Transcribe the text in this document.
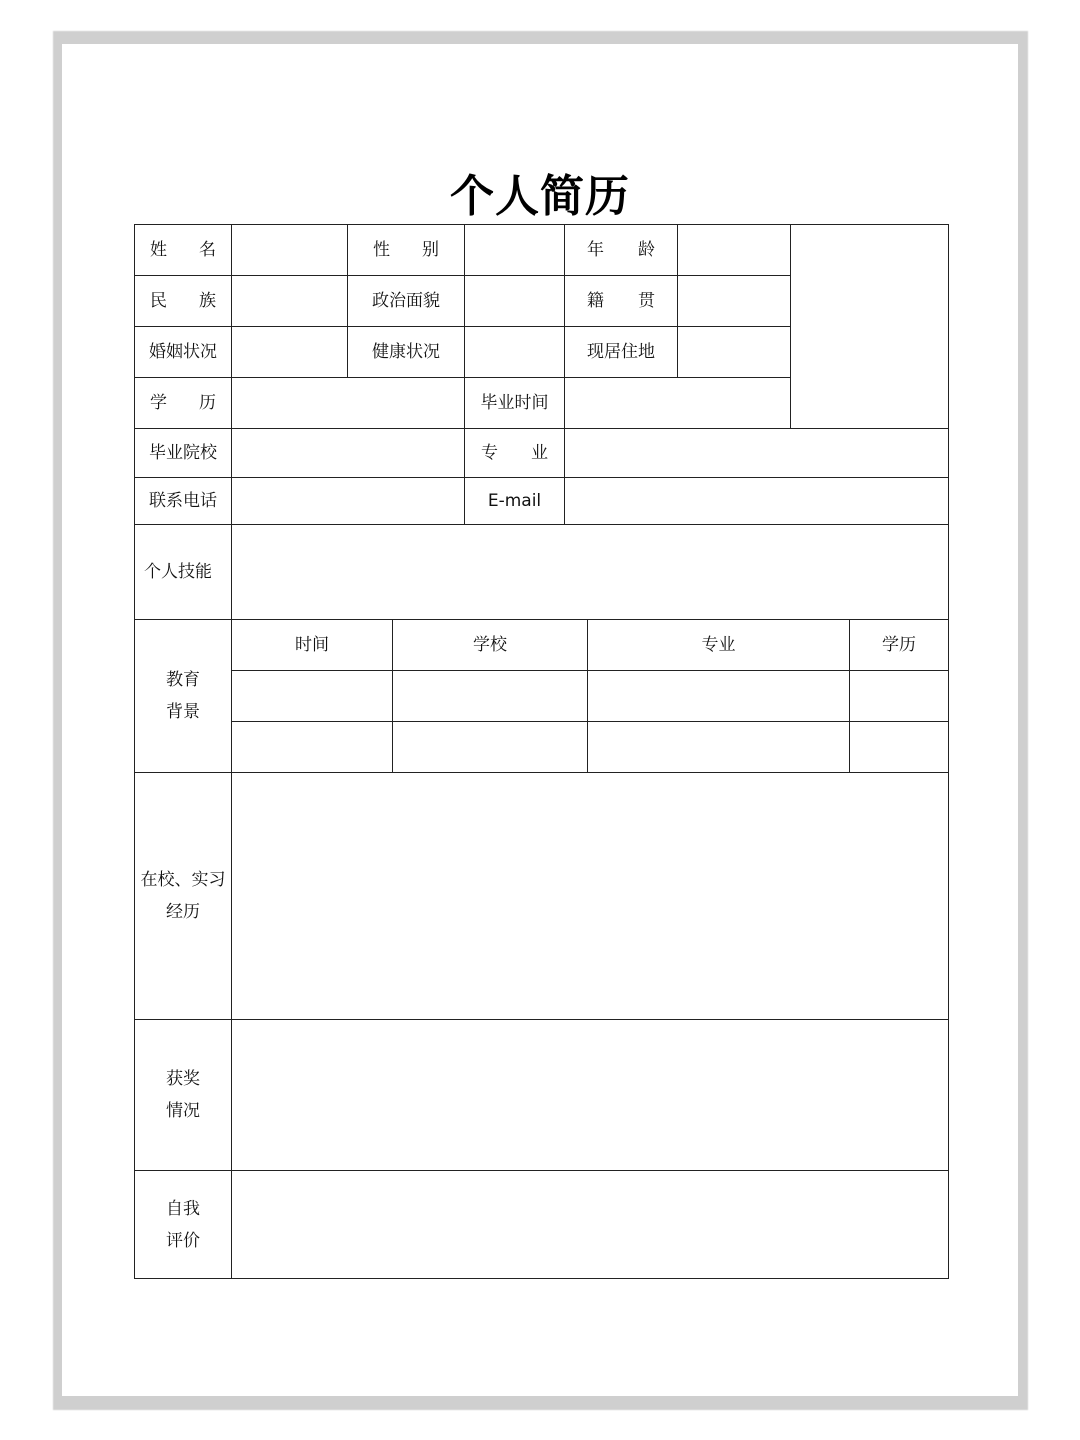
个人简历
姓 名	性 别	年 龄
民 族	政治面貌	籍 贯
婚姻状况	健康状况	现居住地
学 历	毕业时间
毕业院校	专 业
联系电话	E-mail
个人技能
教育
背景
时间	学校	专业	学历
在校、实习
经历
获奖
情况
自我
评价
